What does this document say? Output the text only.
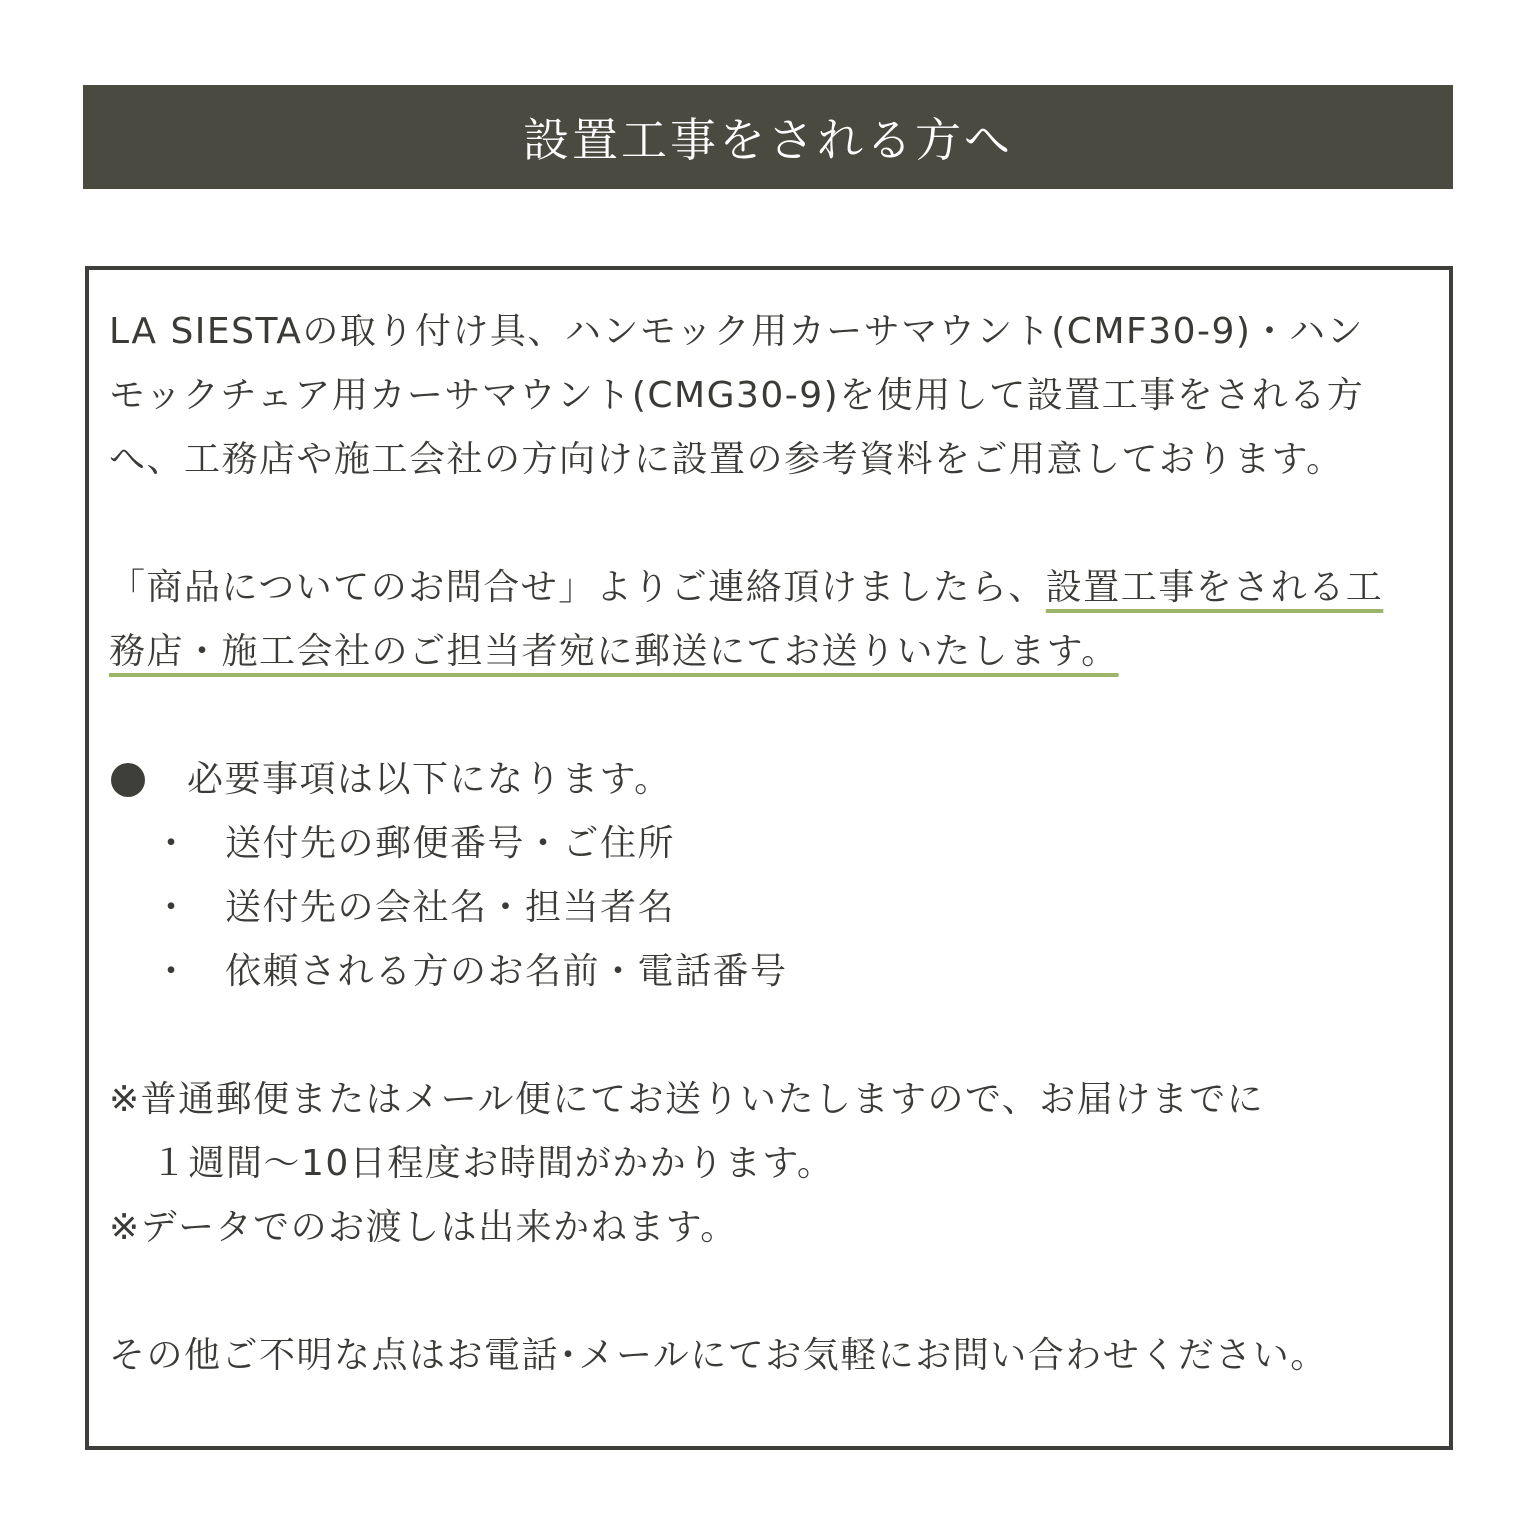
設置工事をされる方へ

LA SIESTAの取り付け具、ハンモック用カーサマウント(CMF30-9)・ハン
モックチェア用カーサマウント(CMG30-9)を使用して設置工事をされる方
へ、工務店や施工会社の方向けに設置の参考資料をご用意しております。

「商品についてのお問合せ」よりご連絡頂けましたら、設置工事をされる工
務店・施工会社のご担当者宛に郵送にてお送りいたします。

必要事項は以下になります。
・ 送付先の郵便番号・ご住所
・ 送付先の会社名・担当者名
・ 依頼される方のお名前・電話番号

※普通郵便またはメール便にてお送りいたしますので、お届けまでに
１週間～10日程度お時間がかかります。
※データでのお渡しは出来かねます。

その他ご不明な点はお電話･メールにてお気軽にお問い合わせください。
